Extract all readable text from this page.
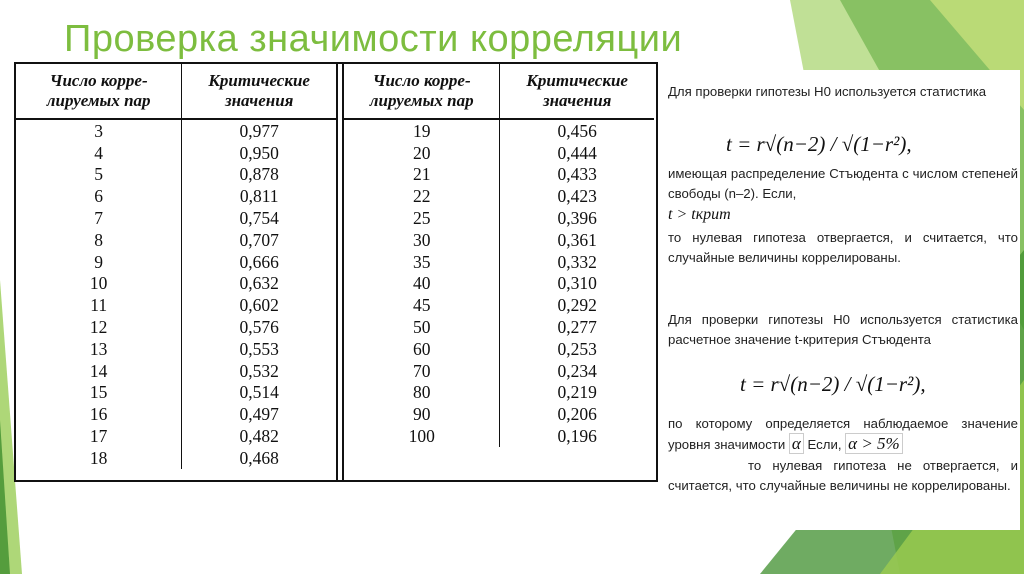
Проверка значимости корреляции
Число корре-
лируемых пар	Критические
значения
3	0,977
4	0,950
5	0,878
6	0,811
7	0,754
8	0,707
9	0,666
10	0,632
11	0,602
12	0,576
13	0,553
14	0,532
15	0,514
16	0,497
17	0,482
18	0,468
Число корре-
лируемых пар	Критические
значения
19	0,456
20	0,444
21	0,433
22	0,423
25	0,396
30	0,361
35	0,332
40	0,310
45	0,292
50	0,277
60	0,253
70	0,234
80	0,219
90	0,206
100	0,196
Для проверки гипотезы Н0 используется статистика
t = r√(n−2) / √(1−r²),
имеющая распределение Стъюдента с числом степеней свободы (n–2). Если,
t > tкрит
то нулевая гипотеза отвергается, и считается, что случайные величины коррелированы.
Для проверки гипотезы Н0 используется статистика расчетное значение t-критерия Стъюдента
t = r√(n−2) / √(1−r²),
по которому определяется наблюдаемое значение уровня значимости α Если, α > 5%
то нулевая гипотеза не отвергается, и считается, что случайные величины не коррелированы.
